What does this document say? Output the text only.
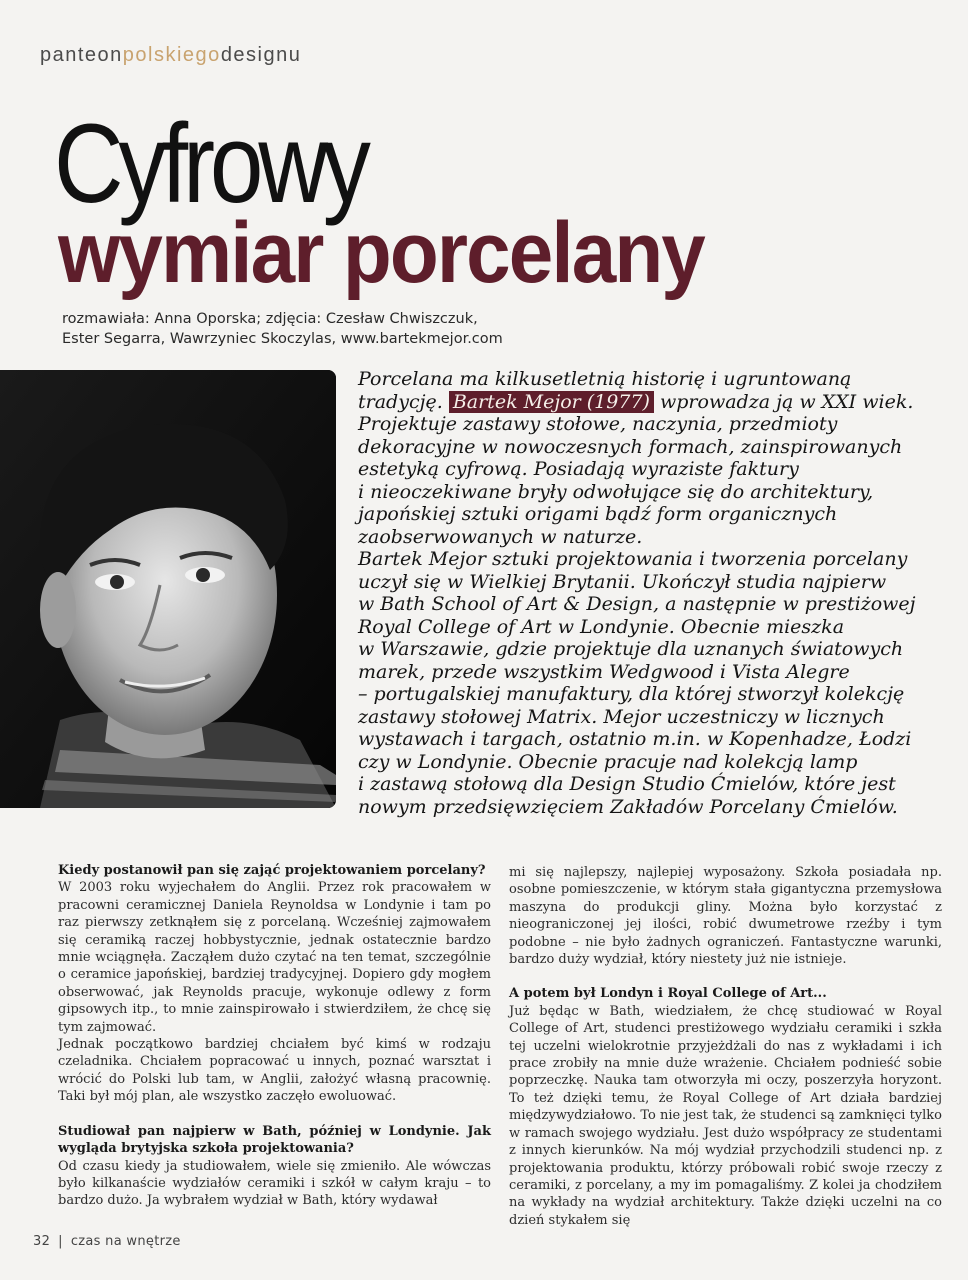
panteonpolskiegodesignu
Cyfrowy
wymiar porcelany
rozmawiała: Anna Oporska; zdjęcia: Czesław Chwiszczuk,
Ester Segarra, Wawrzyniec Skoczylas, www.bartekmejor.com
Porcelana ma kilkusetletnią historię i ugruntowaną
tradycję. Bartek Mejor (1977) wprowadza ją w XXI wiek.
Projektuje zastawy stołowe, naczynia, przedmioty
dekoracyjne w nowoczesnych formach, zainspirowanych
estetyką cyfrową. Posiadają wyraziste faktury
i nieoczekiwane bryły odwołujące się do architektury,
japońskiej sztuki origami bądź form organicznych
zaobserwowanych w naturze.
Bartek Mejor sztuki projektowania i tworzenia porcelany
uczył się w Wielkiej Brytanii. Ukończył studia najpierw
w Bath School of Art & Design, a następnie w prestiżowej
Royal College of Art w Londynie. Obecnie mieszka
w Warszawie, gdzie projektuje dla uznanych światowych
marek, przede wszystkim Wedgwood i Vista Alegre
– portugalskiej manufaktury, dla której stworzył kolekcję
zastawy stołowej Matrix. Mejor uczestniczy w licznych
wystawach i targach, ostatnio m.in. w Kopenhadze, Łodzi
czy w Londynie. Obecnie pracuje nad kolekcją lamp
i zastawą stołową dla Design Studio Ćmielów, które jest
nowym przedsięwzięciem Zakładów Porcelany Ćmielów.

Kiedy postanowił pan się zająć projektowaniem porcelany?

W 2003 roku wyjechałem do Anglii. Przez rok pracowałem w pracowni ceramicznej Daniela Reynoldsa w Londynie i tam po raz pierwszy zetknąłem się z porcelaną. Wcześniej zajmowałem się ceramiką raczej hobbystycznie, jednak ostatecznie bardzo mnie wciągnęła. Zacząłem dużo czytać na ten temat, szczególnie o ceramice japońskiej, bardziej tradycyjnej. Dopiero gdy mogłem obserwować, jak Reynolds pracuje, wykonuje odlewy z form gipsowych itp., to mnie zainspirowało i stwierdziłem, że chcę się tym zajmować.

Jednak początkowo bardziej chciałem być kimś w rodzaju czeladnika. Chciałem popracować u innych, poznać warsztat i wrócić do Polski lub tam, w Anglii, założyć własną pracownię. Taki był mój plan, ale wszystko zaczęło ewoluować.

Studiował pan najpierw w Bath, później w Londynie. Jak wygląda brytyjska szkoła projektowania?

Od czasu kiedy ja studiowałem, wiele się zmieniło. Ale wówczas było kilkanaście wydziałów ceramiki i szkół w całym kraju – to bardzo dużo. Ja wybrałem wydział w Bath, który wydawał

mi się najlepszy, najlepiej wyposażony. Szkoła posiadała np. osobne pomieszczenie, w którym stała gigantyczna przemysłowa maszyna do produkcji gliny. Można było korzystać z nieograniczonej jej ilości, robić dwumetrowe rzeźby i tym podobne – nie było żadnych ograniczeń. Fantastyczne warunki, bardzo duży wydział, który niestety już nie istnieje.

A potem był Londyn i Royal College of Art...

Już będąc w Bath, wiedziałem, że chcę studiować w Royal College of Art, studenci prestiżowego wydziału ceramiki i szkła tej uczelni wielokrotnie przyjeżdżali do nas z wykładami i ich prace zrobiły na mnie duże wrażenie. Chciałem podnieść sobie poprzeczkę. Nauka tam otworzyła mi oczy, poszerzyła horyzont. To też dzięki temu, że Royal College of Art działa bardziej międzywydziałowo. To nie jest tak, że studenci są zamknięci tylko w ramach swojego wydziału. Jest dużo współpracy ze studentami z innych kierunków. Na mój wydział przychodzili studenci np. z projektowania produktu, którzy próbowali robić swoje rzeczy z ceramiki, z porcelany, a my im pomagaliśmy. Z kolei ja chodziłem na wykłady na wydział architektury. Także dzięki uczelni na co dzień stykałem się

32 | czas na wnętrze
